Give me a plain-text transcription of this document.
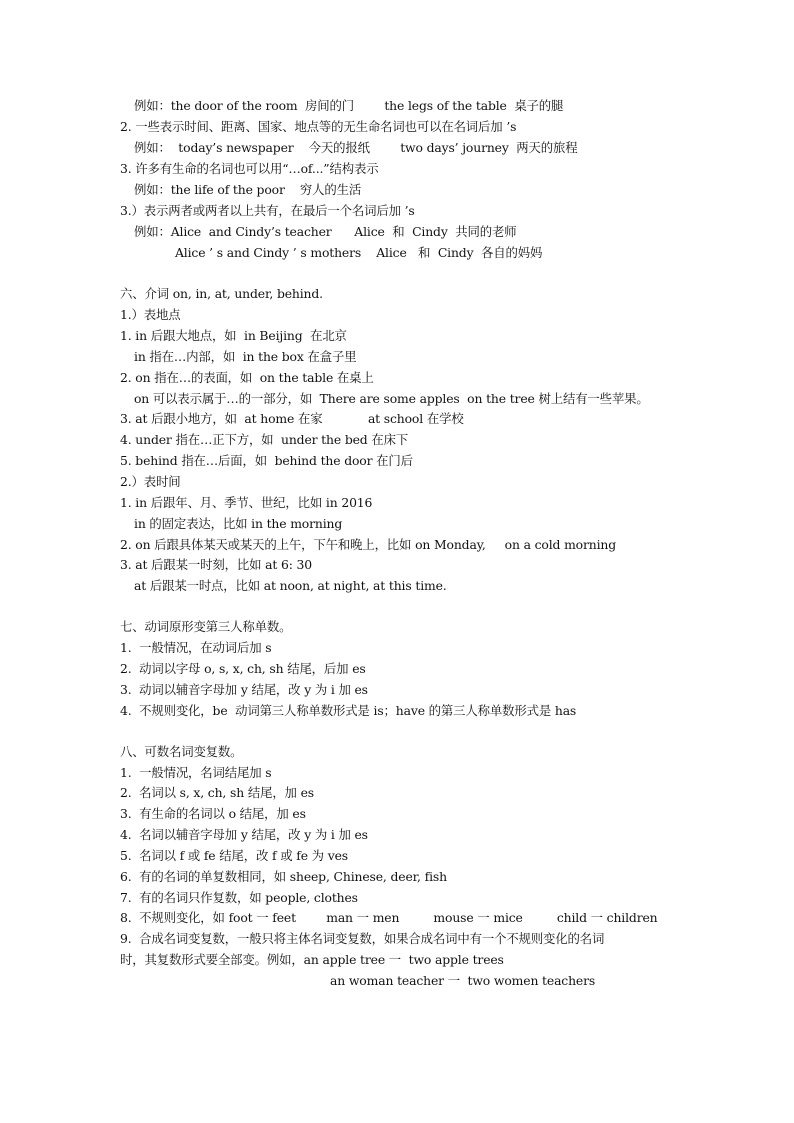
例如：the door of the room  房间的门        the legs of the table  桌子的腿
2. 一些表示时间、距离、国家、地点等的无生命名词也可以在名词后加 ’s
例如：  today’s newspaper    今天的报纸        two days’ journey  两天的旅程
3. 许多有生命的名词也可以用“…of...”结构表示
例如：the life of the poor    穷人的生活
3.）表示两者或两者以上共有，在最后一个名词后加 ’s
例如：Alice  and Cindy’s teacher      Alice  和  Cindy  共同的老师
Alice ’ s and Cindy ’ s mothers    Alice   和  Cindy  各自的妈妈
六、介词 on, in, at, under, behind.
1.）表地点
1. in 后跟大地点，如  in Beijing  在北京
in 指在…内部，如  in the box 在盒子里
2. on 指在…的表面，如  on the table 在桌上
on 可以表示属于…的一部分，如  There are some apples  on the tree 树上结有一些苹果。
3. at 后跟小地方，如  at home 在家            at school 在学校
4. under 指在…正下方，如  under the bed 在床下
5. behind 指在…后面，如  behind the door 在门后
2.）表时间
1. in 后跟年、月、季节、世纪，比如 in 2016
in 的固定表达，比如 in the morning
2. on 后跟具体某天或某天的上午，下午和晚上，比如 on Monday,     on a cold morning
3. at 后跟某一时刻，比如 at 6: 30
at 后跟某一时点，比如 at noon, at night, at this time.
七、动词原形变第三人称单数。
1.  一般情况，在动词后加 s
2.  动词以字母 o, s, x, ch, sh 结尾，后加 es
3.  动词以辅音字母加 y 结尾，改 y 为 i 加 es
4.  不规则变化，be  动词第三人称单数形式是 is；have 的第三人称单数形式是 has
八、可数名词变复数。
1.  一般情况，名词结尾加 s
2.  名词以 s, x, ch, sh 结尾，加 es
3.  有生命的名词以 o 结尾，加 es
4.  名词以辅音字母加 y 结尾，改 y 为 i 加 es
5.  名词以 f 或 fe 结尾，改 f 或 fe 为 ves
6.  有的名词的单复数相同，如 sheep, Chinese, deer, fish
7.  有的名词只作复数，如 people, clothes
8.  不规则变化，如 foot 一 feet        man 一 men         mouse 一 mice         child 一 children
9.  合成名词变复数，一般只将主体名词变复数，如果合成名词中有一个不规则变化的名词
时，其复数形式要全部变。例如，an apple tree 一  two apple trees
an woman teacher 一  two women teachers
